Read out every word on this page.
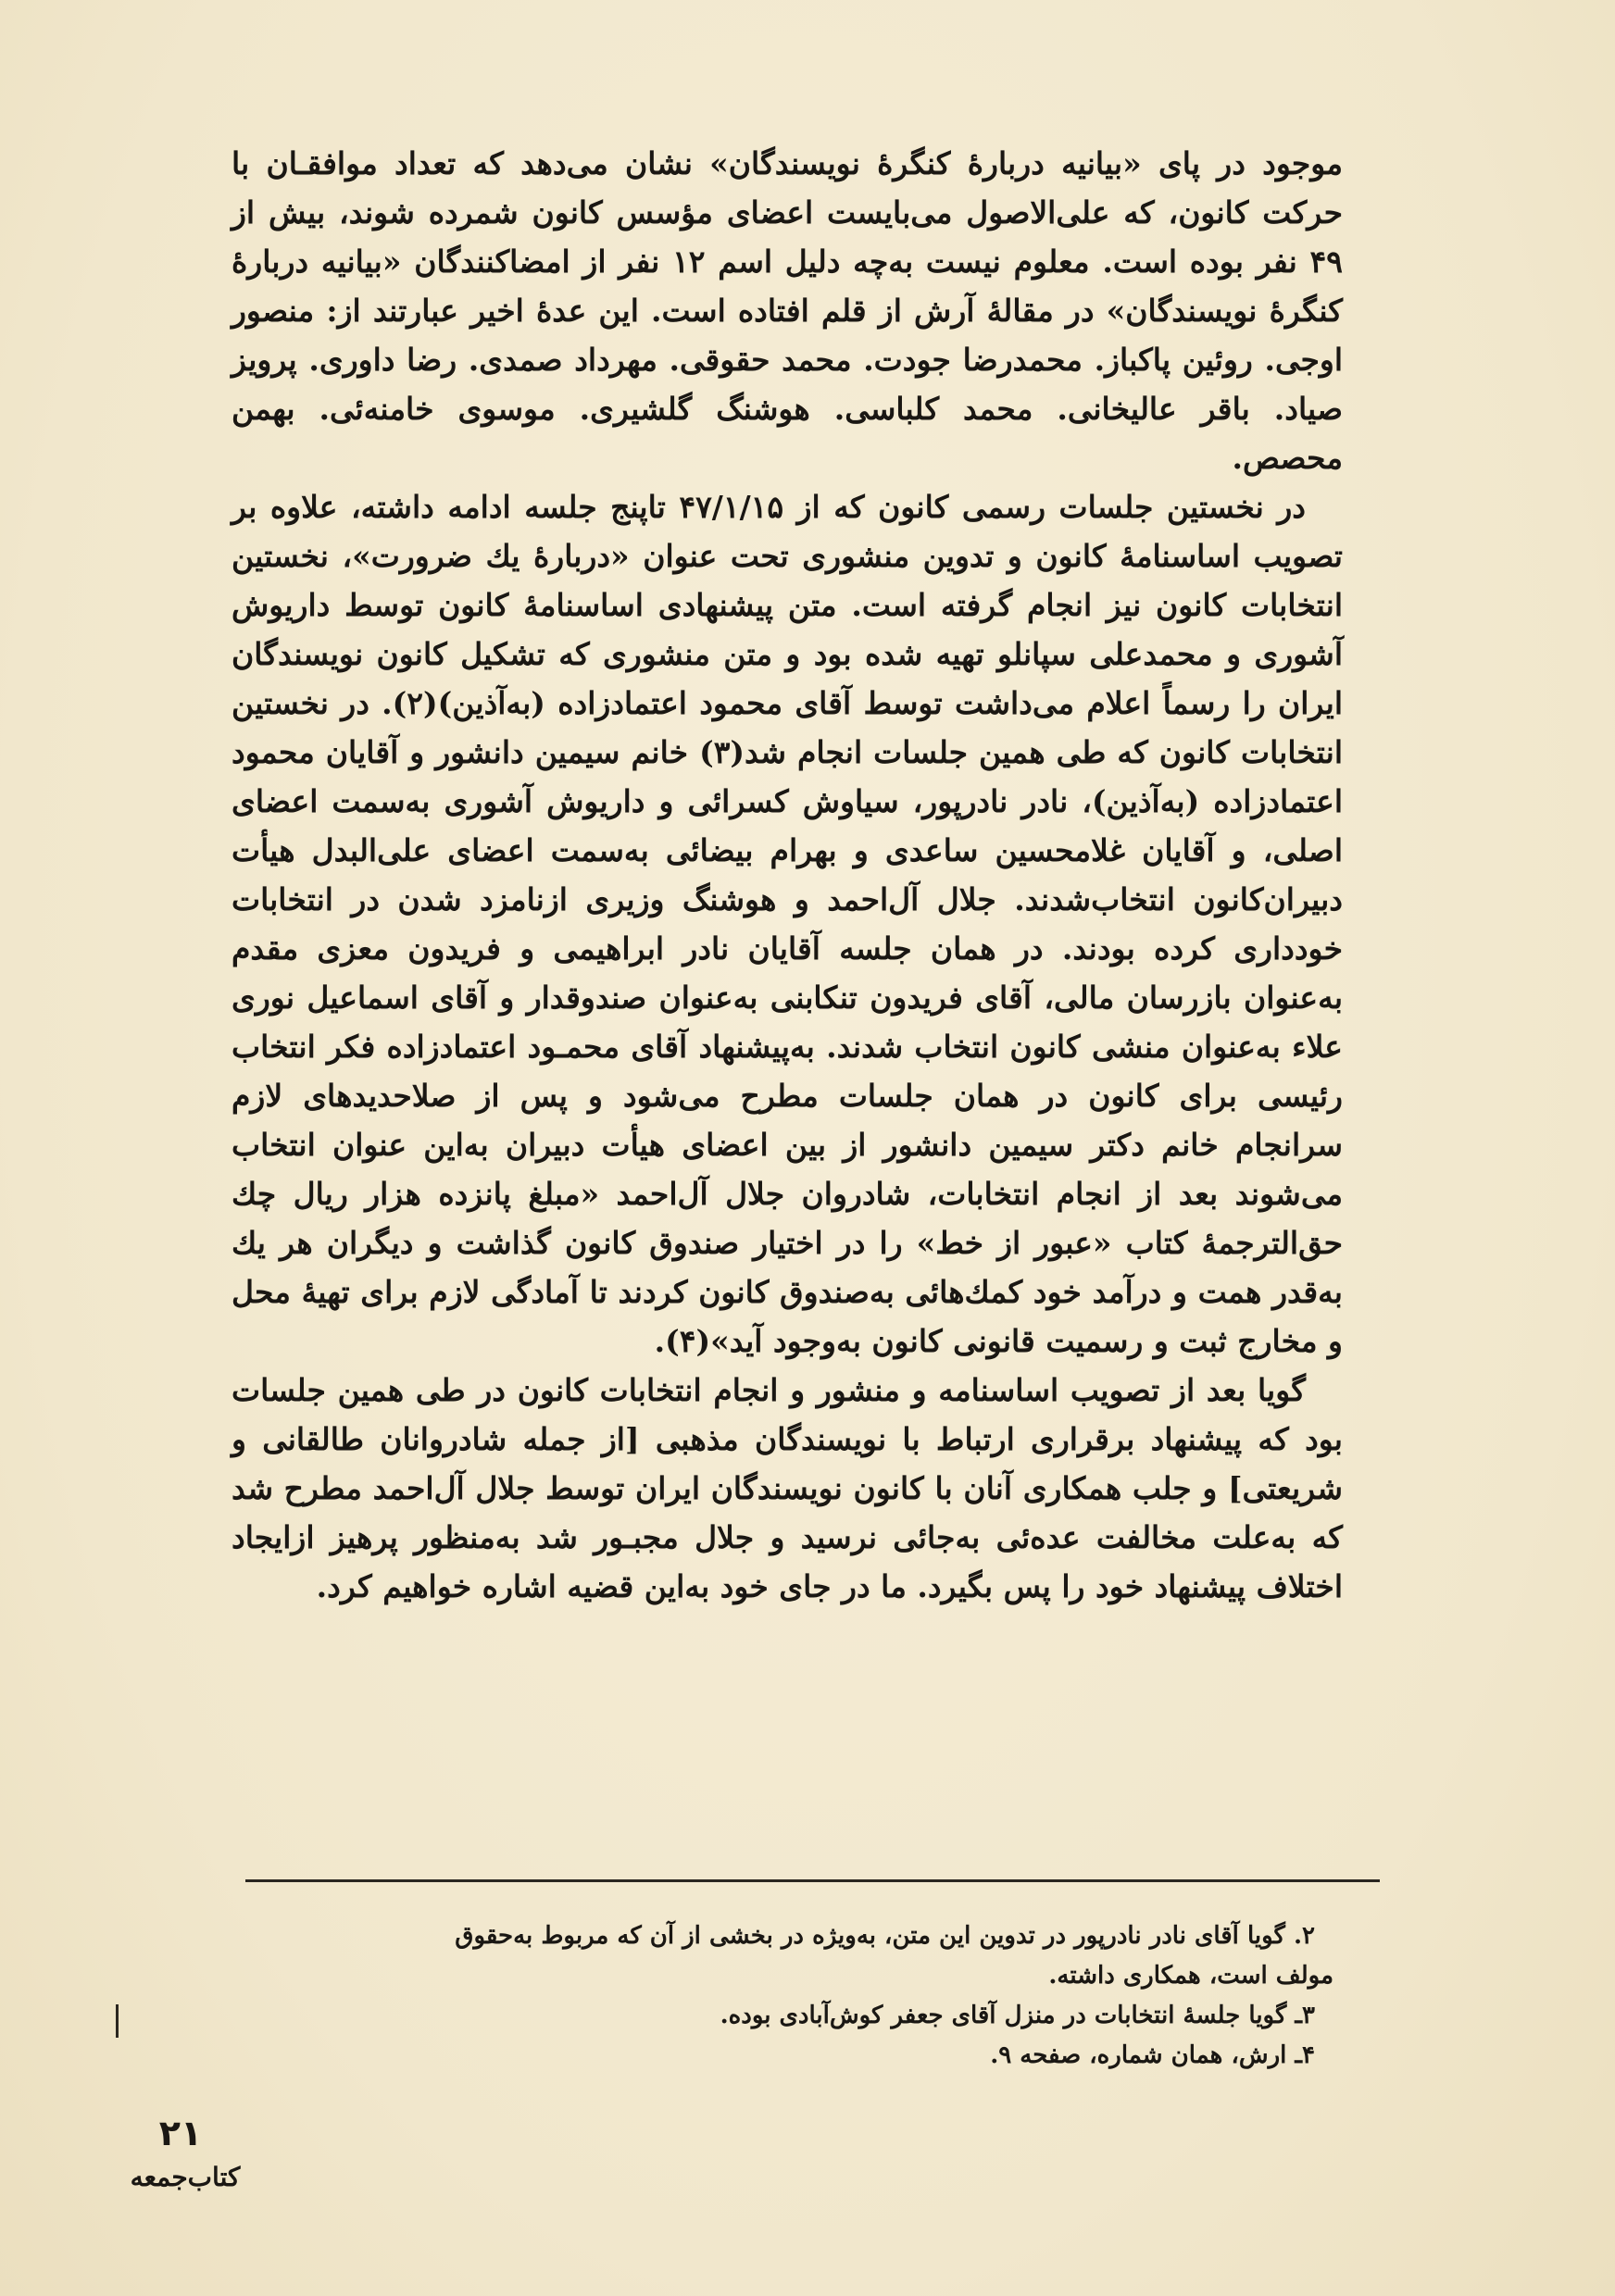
موجود در پای «بیانیه دربارهٔ کنگرهٔ نویسندگان» نشان می‌دهد که تعداد موافقـان با حرکت کانون، که علی‌الاصول می‌بایست اعضای مؤسس کانون شمرده شوند، بیش از ۴۹ نفر بوده است. معلوم نیست به‌چه دلیل اسم ۱۲ نفر از امضاکنندگان «بیانیه دربارهٔ کنگرهٔ نویسندگان» در مقالهٔ آرش از قلم افتاده است. این عدهٔ اخیر عبارتند از: منصور اوجی. روئین پاکباز. محمدرضا جودت. محمد حقوقی. مهرداد صمدی. رضا داوری. پرویز صیاد. باقر عالیخانی. محمد کلباسی. هوشنگ گلشیری. موسوی خامنه‌ئی. بهمن محصص.

در نخستین جلسات رسمی کانون که از ۴۷/۱/۱۵ تاپنج جلسه ادامه داشته، علاوه بر تصویب اساسنامهٔ کانون و تدوین منشوری تحت عنوان «دربارهٔ یك ضرورت»، نخستین انتخابات کانون نیز انجام گرفته است. متن پیشنهادی اساسنامهٔ کانون توسط داریوش آشوری و محمدعلی سپانلو تهیه شده بود و متن منشوری که تشکیل کانون نویسندگان ایران را رسماً اعلام می‌داشت توسط آقای محمود اعتمادزاده (به‌آذین)(۲). در نخستین انتخابات کانون که طی همین جلسات انجام شد(۳) خانم سیمین دانشور و آقایان محمود اعتمادزاده (به‌آذین)، نادر نادرپور، سیاوش کسرائی و داریوش آشوری به‌سمت اعضای اصلی، و آقایان غلامحسین ساعدی و بهرام بیضائی به‌سمت اعضای علی‌البدل هیأت دبیران‌کانون انتخاب‌شدند. جلال آل‌احمد و هوشنگ وزیری ازنامزد شدن در انتخابات خودداری کرده بودند. در همان جلسه آقایان نادر ابراهیمی و فریدون معزی مقدم به‌عنوان بازرسان مالی، آقای فریدون تنکابنی به‌عنوان صندوقدار و آقای اسماعیل نوری علاء به‌عنوان منشی کانون انتخاب شدند. به‌پیشنهاد آقای محمـود اعتمادزاده فکر انتخاب رئیسی برای کانون در همان جلسات مطرح می‌شود و پس از صلاحدیدهای لازم سرانجام خانم دکتر سیمین دانشور از بین اعضای هیأت دبیران به‌این عنوان انتخاب می‌شوند بعد از انجام انتخابات، شادروان جلال آل‌احمد «مبلغ پانزده هزار ریال چك حق‌الترجمهٔ کتاب «عبور از خط» را در اختیار صندوق کانون گذاشت و دیگران هر یك به‌قدر همت و درآمد خود کمك‌هائی به‌صندوق کانون کردند تا آمادگی لازم برای تهیهٔ محل و مخارج ثبت و رسمیت قانونی کانون به‌وجود آید»(۴).

گویا بعد از تصویب اساسنامه و منشور و انجام انتخابات کانون در طی همین جلسات بود که پیشنهاد برقراری ارتباط با نویسندگان مذهبی [از جمله شادروانان طالقانی و شریعتی] و جلب همکاری آنان با کانون نویسندگان ایران توسط جلال آل‌احمد مطرح شد که به‌علت مخالفت عده‌ئی به‌جائی نرسید و جلال مجبـور شد به‌منظور پرهیز ازایجاد اختلاف پیشنهاد خود را پس بگیرد. ما در جای خود به‌این قضیه اشاره خواهیم کرد.

۲. گویا آقای نادر نادرپور در تدوین این متن، به‌ویژه در بخشی از آن که مربوط به‌حقوق

مولف است، همکاری داشته.

۳ـ گویا جلسهٔ انتخابات در منزل آقای جعفر کوش‌آبادی بوده.

۴ـ ارش، همان شماره، صفحه ۹.

۲۱
کتاب‌جمعه
